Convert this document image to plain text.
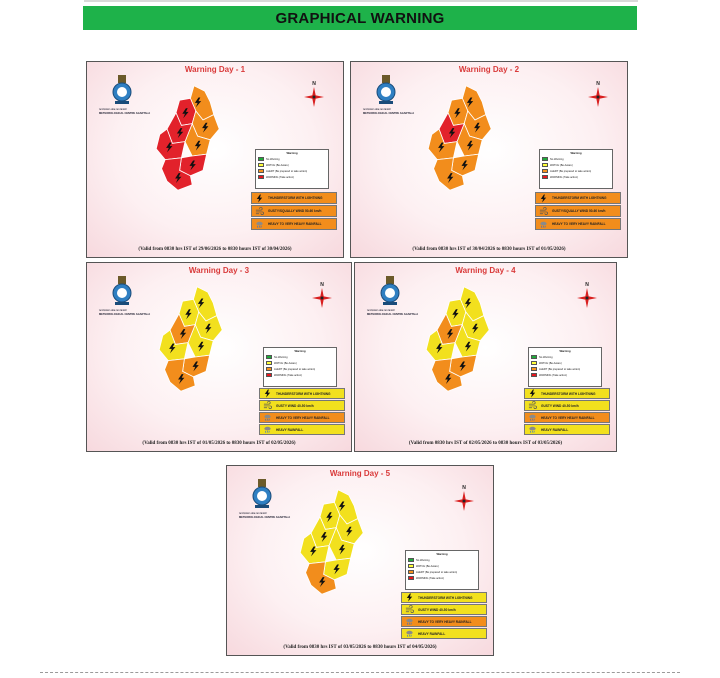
GRAPHICAL WARNING
Warning Day - 1
আবহাওয়া কেন্দ্র আগরতলা
METEOROLOGICAL CENTRE AGARTALA
N
Warning
No Warning
WATCH (Be Aware)
ALERT (Be prepared to take action)
WARNING (Take action)
THUNDERSTORM WITH LIGHTNING
GUSTY/SQUALLY WIND 50-60 km/h
HEAVY TO VERY HEAVY RAINFALL
(Valid from 0830 hrs IST of 29/06/2026 to 0830 hours IST of 30/04/2026)
Warning Day - 2
আবহাওয়া কেন্দ্র আগরতলা
METEOROLOGICAL CENTRE AGARTALA
N
Warning
No Warning
WATCH (Be Aware)
ALERT (Be prepared to take action)
WARNING (Take action)
THUNDERSTORM WITH LIGHTNING
GUSTY/SQUALLY WIND 50-60 km/h
HEAVY TO VERY HEAVY RAINFALL
(Valid from 0830 hrs IST of 30/04/2026 to 0830 hours IST of 01/05/2026)
Warning Day - 3
আবহাওয়া কেন্দ্র আগরতলা
METEOROLOGICAL CENTRE AGARTALA
N
Warning
No Warning
WATCH (Be Aware)
ALERT (Be prepared to take action)
WARNING (Take action)
THUNDERSTORM WITH LIGHTNING
GUSTY WIND 40-50 km/h
HEAVY TO VERY HEAVY RAINFALL
HEAVY RAINFALL
(Valid from 0830 hrs IST of 01/05/2026 to 0830 hours IST of 02/05/2026)
Warning Day - 4
আবহাওয়া কেন্দ্র আগরতলা
METEOROLOGICAL CENTRE AGARTALA
N
Warning
No Warning
WATCH (Be Aware)
ALERT (Be prepared to take action)
WARNING (Take action)
THUNDERSTORM WITH LIGHTNING
GUSTY WIND 40-50 km/h
HEAVY TO VERY HEAVY RAINFALL
HEAVY RAINFALL
(Valid from 0830 hrs IST of 02/05/2026 to 0830 hours IST of 03/05/2026)
Warning Day - 5
আবহাওয়া কেন্দ্র আগরতলা
METEOROLOGICAL CENTRE AGARTALA
N
Warning
No Warning
WATCH (Be Aware)
ALERT (Be prepared to take action)
WARNING (Take action)
THUNDERSTORM WITH LIGHTNING
GUSTY WIND 40-50 km/h
HEAVY TO VERY HEAVY RAINFALL
HEAVY RAINFALL
(Valid from 0830 hrs IST of 03/05/2026 to 0830 hours IST of 04/05/2026)
